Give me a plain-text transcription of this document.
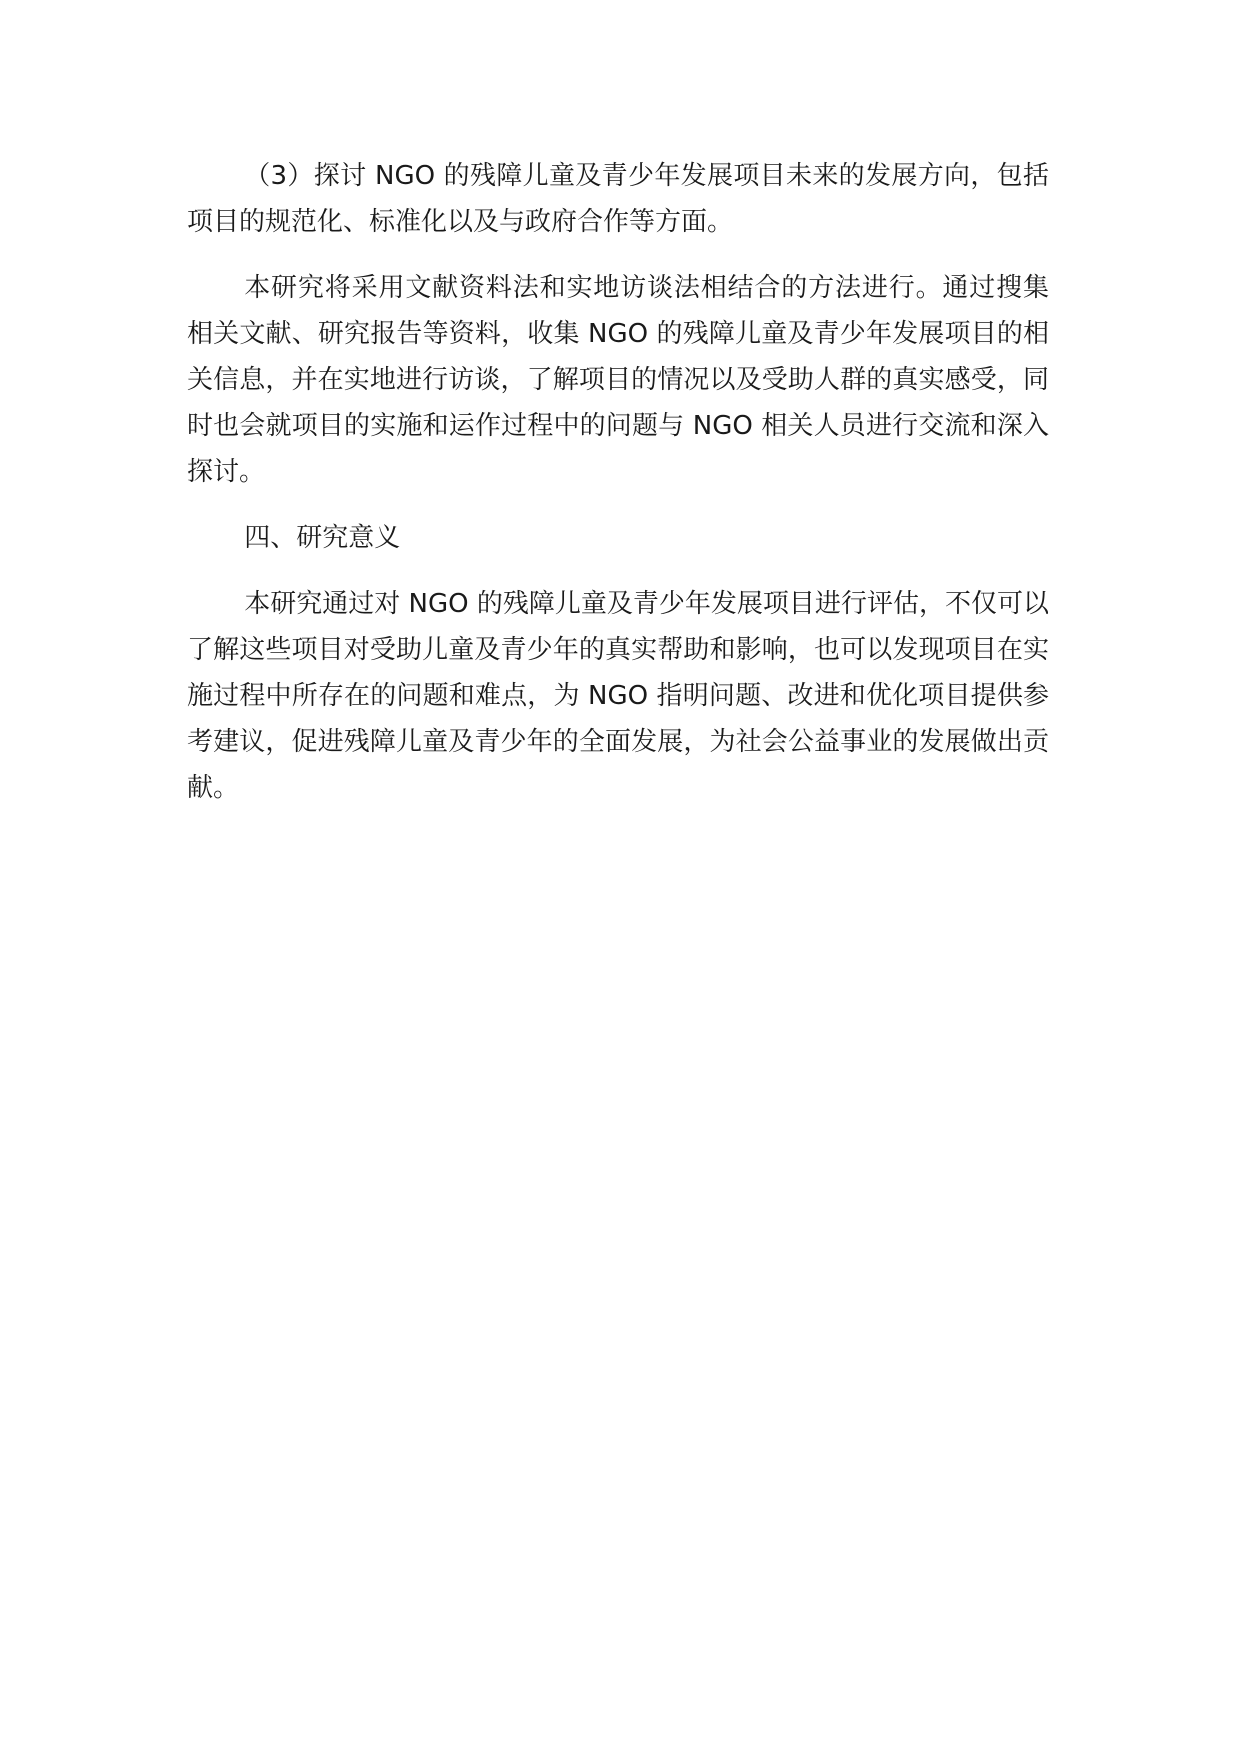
（3）探讨 NGO 的残障儿童及青少年发展项目未来的发展方向，包括项目的规范化、标准化以及与政府合作等方面。

本研究将采用文献资料法和实地访谈法相结合的方法进行。通过搜集相关文献、研究报告等资料，收集 NGO 的残障儿童及青少年发展项目的相关信息，并在实地进行访谈，了解项目的情况以及受助人群的真实感受，同时也会就项目的实施和运作过程中的问题与 NGO 相关人员进行交流和深入探讨。

四、研究意义

本研究通过对 NGO 的残障儿童及青少年发展项目进行评估，不仅可以了解这些项目对受助儿童及青少年的真实帮助和影响，也可以发现项目在实施过程中所存在的问题和难点，为 NGO 指明问题、改进和优化项目提供参考建议，促进残障儿童及青少年的全面发展，为社会公益事业的发展做出贡献。
